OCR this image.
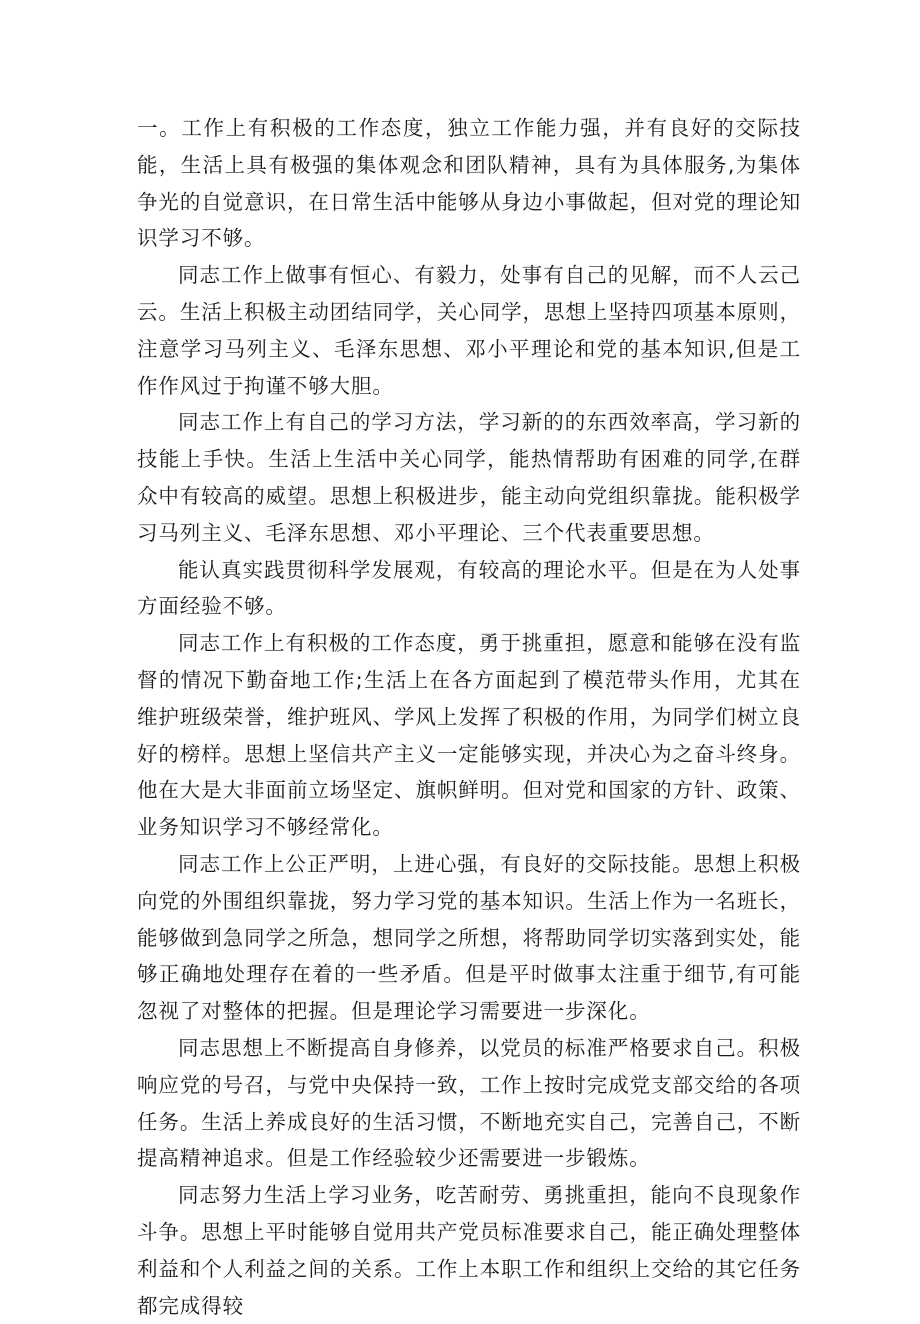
一。工作上有积极的工作态度，独立工作能力强，并有良好的交际技能，生活上具有极强的集体观念和团队精神，具有为具体服务,为集体争光的自觉意识，在日常生活中能够从身边小事做起，但对党的理论知识学习不够。

同志工作上做事有恒心、有毅力，处事有自己的见解，而不人云己云。生活上积极主动团结同学，关心同学，思想上坚持四项基本原则，注意学习马列主义、毛泽东思想、邓小平理论和党的基本知识,但是工作作风过于拘谨不够大胆。

同志工作上有自己的学习方法，学习新的的东西效率高，学习新的技能上手快。生活上生活中关心同学，能热情帮助有困难的同学,在群众中有较高的威望。思想上积极进步，能主动向党组织靠拢。能积极学习马列主义、毛泽东思想、邓小平理论、三个代表重要思想。

能认真实践贯彻科学发展观，有较高的理论水平。但是在为人处事方面经验不够。

同志工作上有积极的工作态度，勇于挑重担，愿意和能够在没有监督的情况下勤奋地工作;生活上在各方面起到了模范带头作用，尤其在维护班级荣誉，维护班风、学风上发挥了积极的作用，为同学们树立良好的榜样。思想上坚信共产主义一定能够实现，并决心为之奋斗终身。他在大是大非面前立场坚定、旗帜鲜明。但对党和国家的方针、政策、业务知识学习不够经常化。

同志工作上公正严明，上进心强，有良好的交际技能。思想上积极向党的外围组织靠拢，努力学习党的基本知识。生活上作为一名班长，能够做到急同学之所急，想同学之所想，将帮助同学切实落到实处，能够正确地处理存在着的一些矛盾。但是平时做事太注重于细节,有可能忽视了对整体的把握。但是理论学习需要进一步深化。

同志思想上不断提高自身修养，以党员的标准严格要求自己。积极响应党的号召，与党中央保持一致，工作上按时完成党支部交给的各项任务。生活上养成良好的生活习惯，不断地充实自己，完善自己，不断提高精神追求。但是工作经验较少还需要进一步锻炼。

同志努力生活上学习业务，吃苦耐劳、勇挑重担，能向不良现象作斗争。思想上平时能够自觉用共产党员标准要求自己，能正确处理整体利益和个人利益之间的关系。工作上本职工作和组织上交给的其它任务都完成得较
